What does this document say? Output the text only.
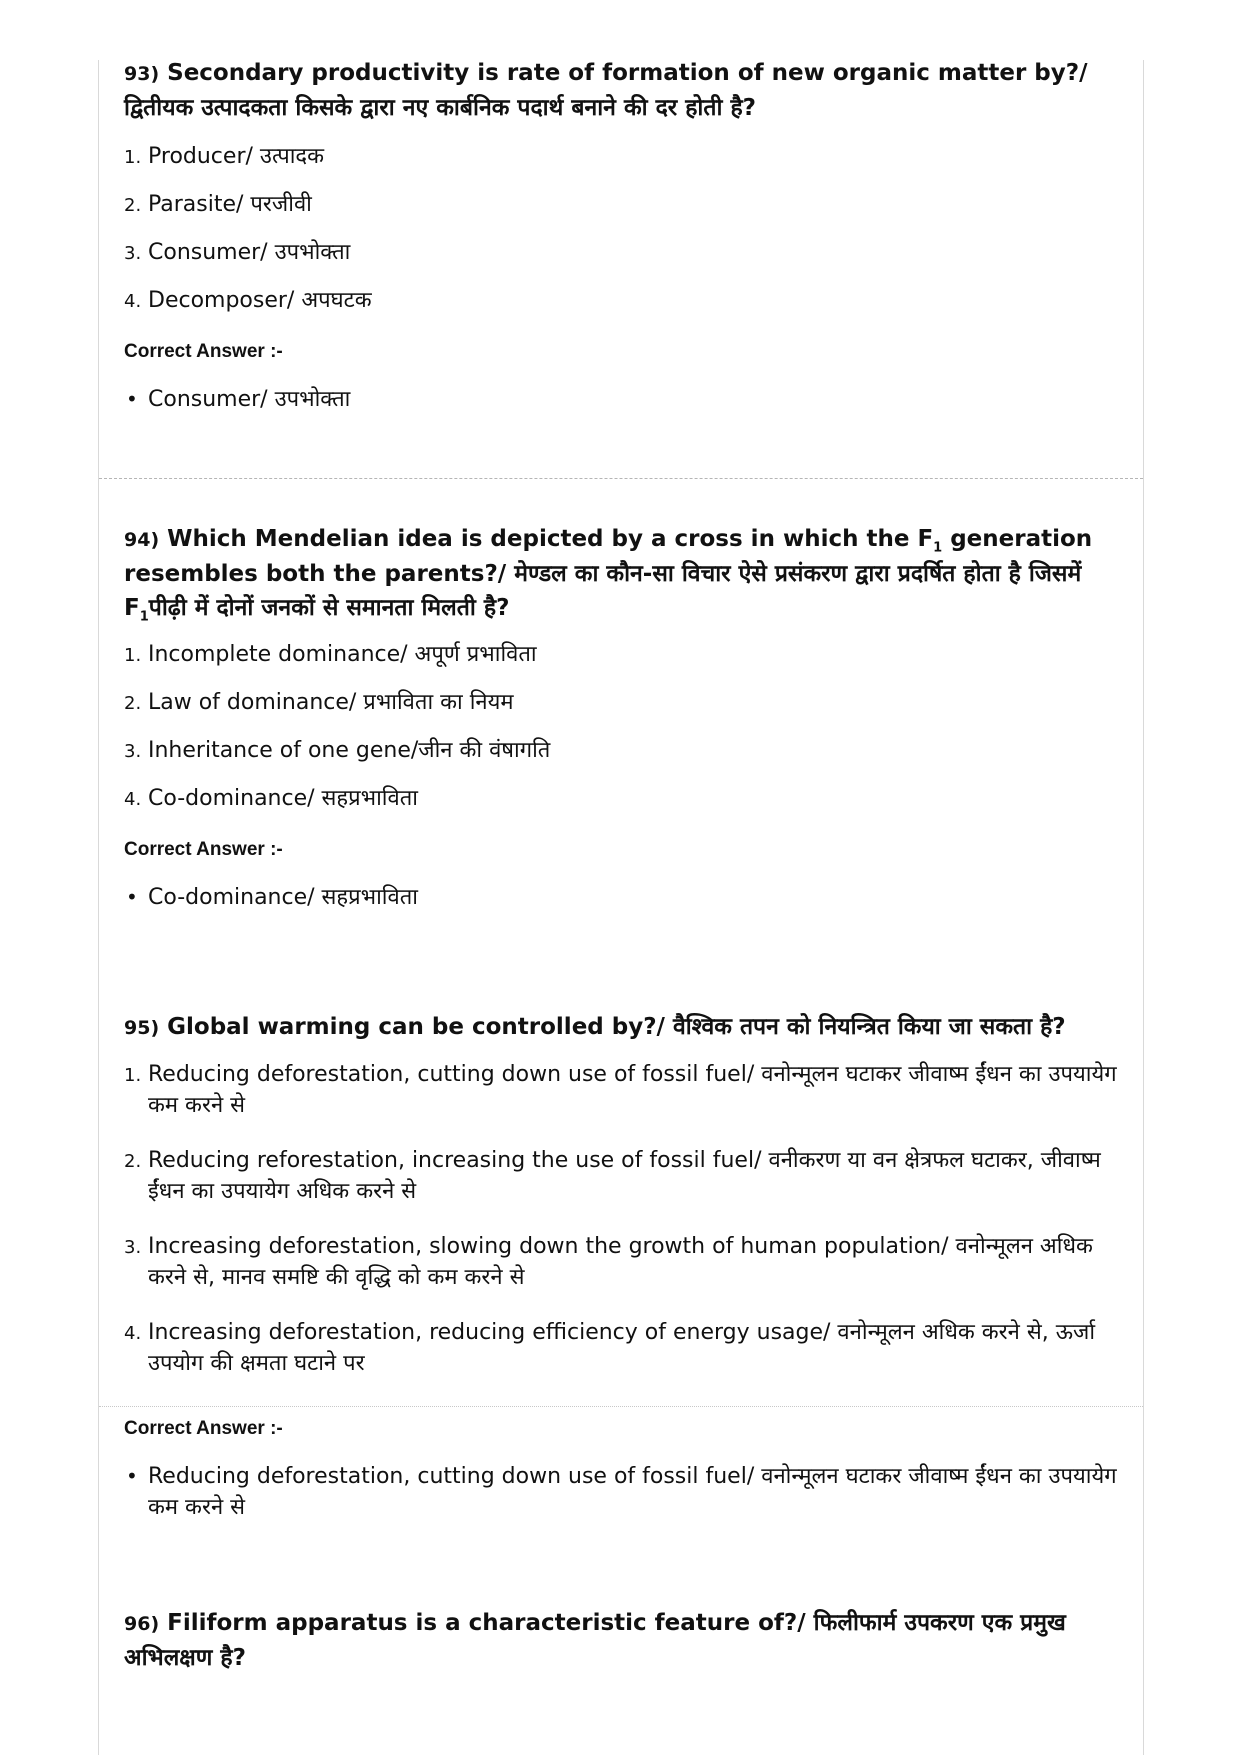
93) Secondary productivity is rate of formation of new organic matter by?/ द्वितीयक उत्पादकता किसके द्वारा नए कार्बनिक पदार्थ बनाने की दर होती है?

1. Producer/ उत्पादक
2. Parasite/ परजीवी
3. Consumer/ उपभोक्ता
4. Decomposer/ अपघटक
Correct Answer :-
• Consumer/ उपभोक्ता

94) Which Mendelian idea is depicted by a cross in which the $F_1$ generation resembles both the parents?/ मेण्डल का कौन-सा विचार ऐसे प्रसंकरण द्वारा प्रदर्षित होता है जिसमें $F_1पीढ़ी$ में दोनों जनकों से समानता मिलती है?

1. Incomplete dominance/ अपूर्ण प्रभाविता
2. Law of dominance/ प्रभाविता का नियम
3. Inheritance of one gene/जीन की वंषागति
4. Co-dominance/ सहप्रभाविता
Correct Answer :-
• Co-dominance/ सहप्रभाविता

95) Global warming can be controlled by?/ वैश्विक तपन को नियन्त्रित किया जा सकता है?

1. Reducing deforestation, cutting down use of fossil fuel/ वनोन्मूलन घटाकर जीवाष्म ईंधन का उपयायेग कम करने से
2. Reducing reforestation, increasing the use of fossil fuel/ वनीकरण या वन क्षेत्रफल घटाकर, जीवाष्म ईंधन का उपयायेग अधिक करने से
3. Increasing deforestation, slowing down the growth of human population/ वनोन्मूलन अधिक करने से, मानव समष्टि की वृद्धि को कम करने से
4. Increasing deforestation, reducing efficiency of energy usage/ वनोन्मूलन अधिक करने से, ऊर्जा उपयोग की क्षमता घटाने पर
Correct Answer :-
• Reducing deforestation, cutting down use of fossil fuel/ वनोन्मूलन घटाकर जीवाष्म ईंधन का उपयायेग कम करने से

96) Filiform apparatus is a characteristic feature of?/ फिलीफार्म उपकरण एक प्रमुख अभिलक्षण है?
